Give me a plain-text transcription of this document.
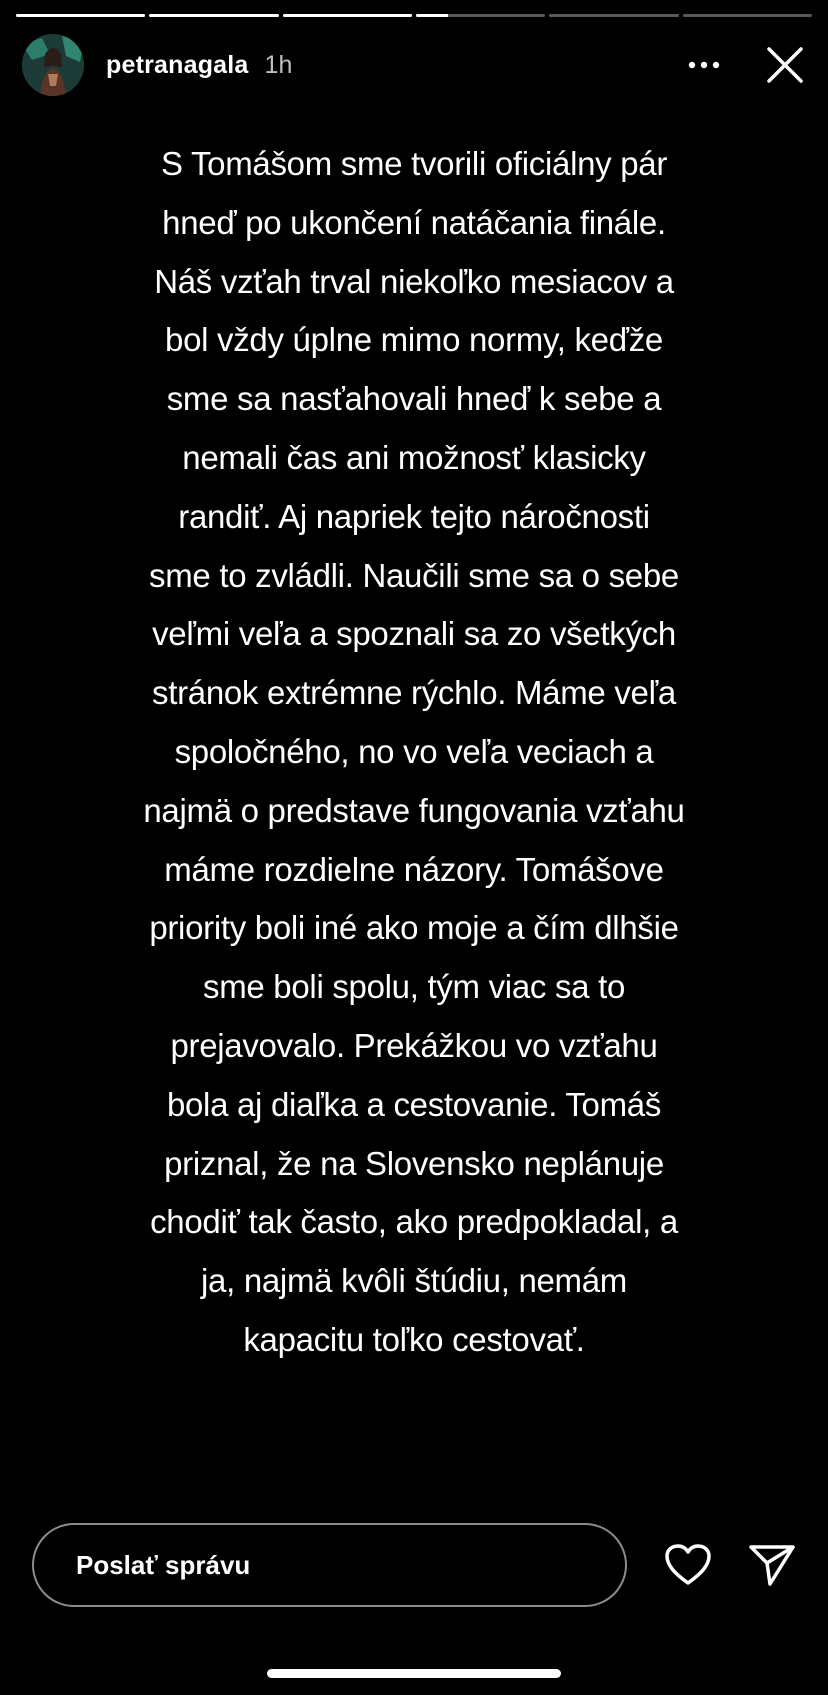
petranagala 1h
S Tomášom sme tvorili oficiálny pár
hneď po ukončení natáčania finále.
Náš vzťah trval niekoľko mesiacov a
bol vždy úplne mimo normy, keďže
sme sa nasťahovali hneď k sebe a
nemali čas ani možnosť klasicky
randiť. Aj napriek tejto náročnosti
sme to zvládli. Naučili sme sa o sebe
veľmi veľa a spoznali sa zo všetkých
stránok extrémne rýchlo. Máme veľa
spoločného, no vo veľa veciach a
najmä o predstave fungovania vzťahu
máme rozdielne názory. Tomášove
priority boli iné ako moje a čím dlhšie
sme boli spolu, tým viac sa to
prejavovalo. Prekážkou vo vzťahu
bola aj diaľka a cestovanie. Tomáš
priznal, že na Slovensko neplánuje
chodiť tak často, ako predpokladal, a
ja, najmä kvôli štúdiu, nemám
kapacitu toľko cestovať.
Poslať správu
